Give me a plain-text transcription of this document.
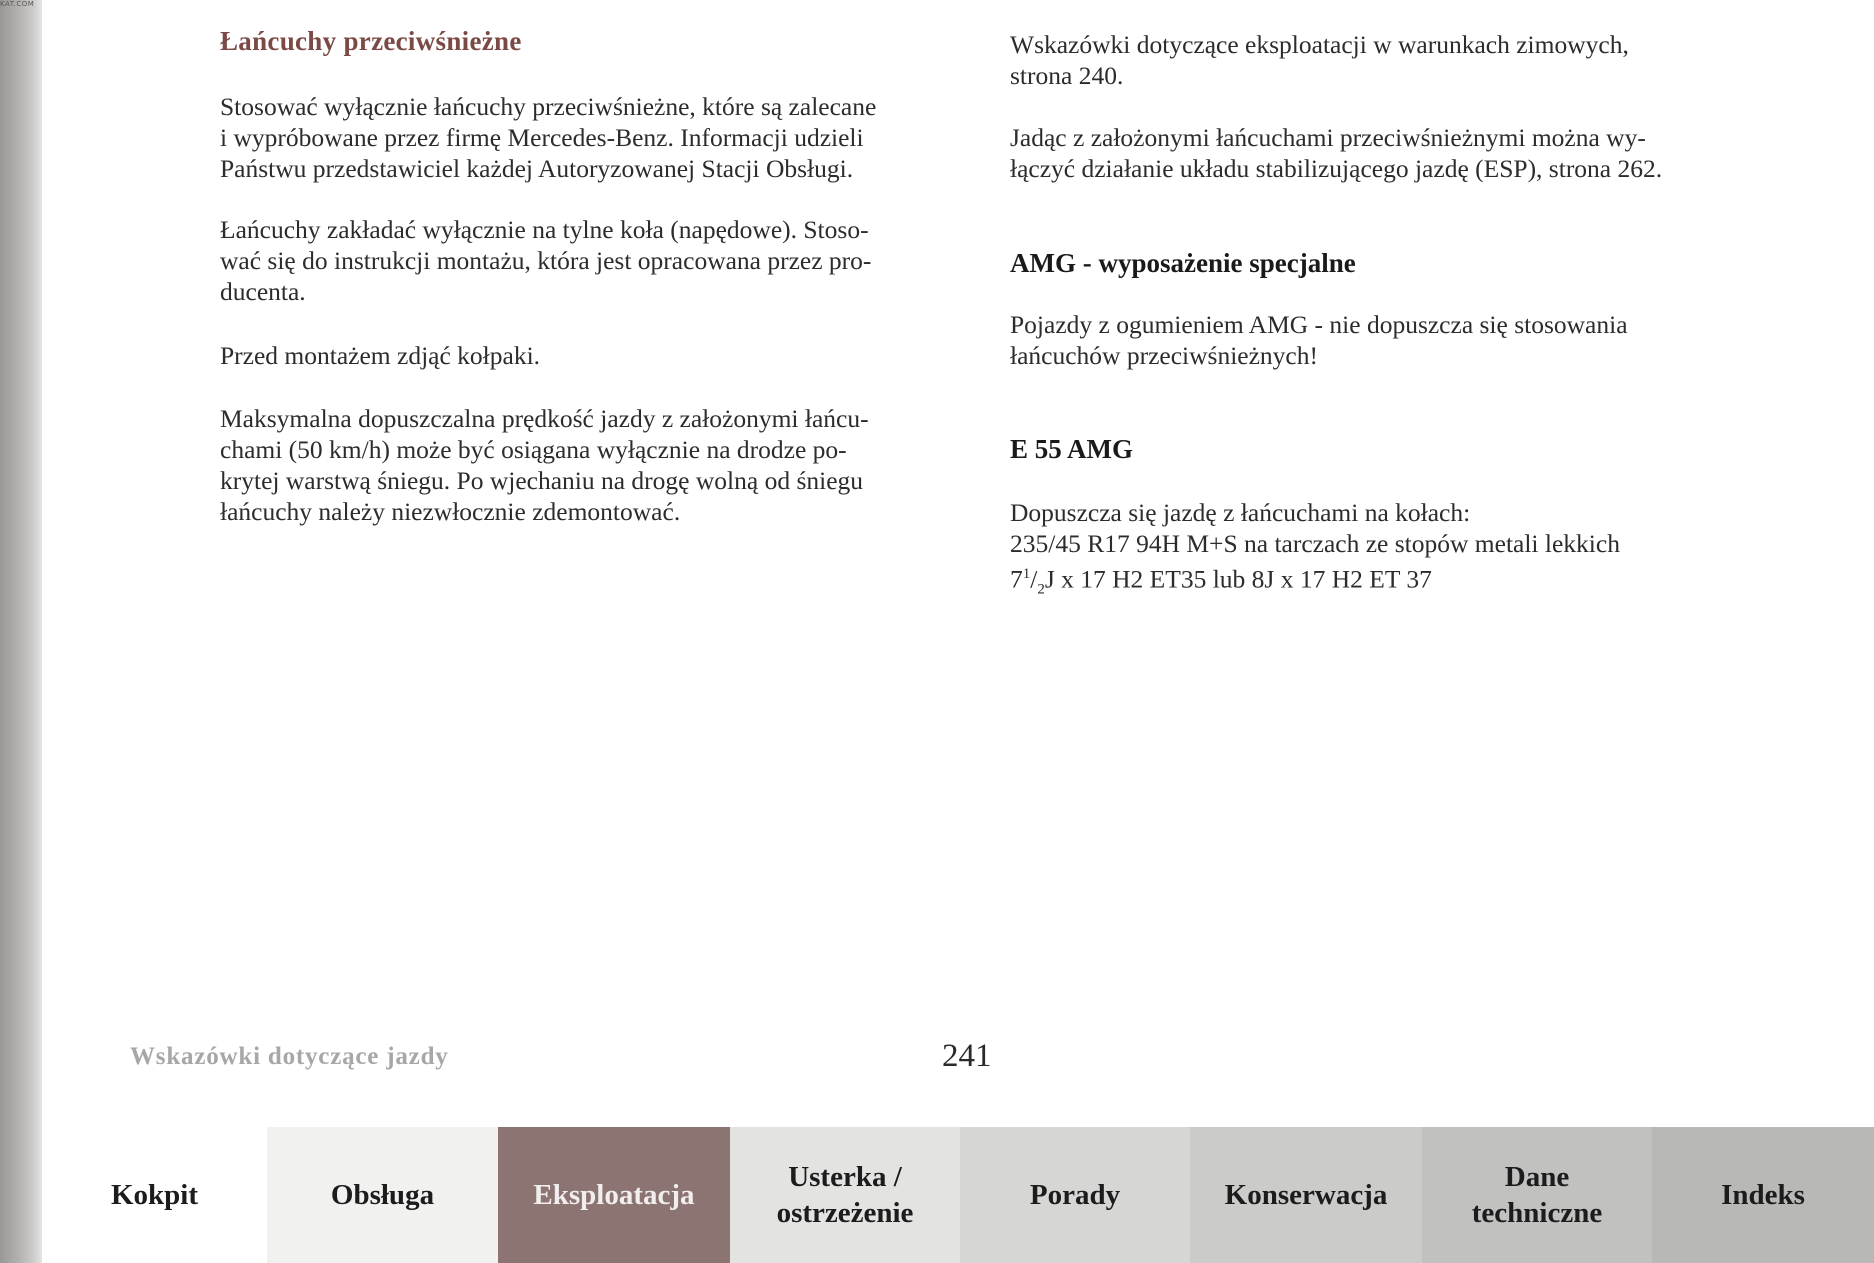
KAT.COM
Łańcuchy przeciwśnieżne

Stosować wyłącznie łańcuchy przeciwśnieżne, które są zalecane
i wypróbowane przez firmę Mercedes-Benz. Informacji udzieli
Państwu przedstawiciel każdej Autoryzowanej Stacji Obsługi.

Łańcuchy zakładać wyłącznie na tylne koła (napędowe). Stoso-
wać się do instrukcji montażu, która jest opracowana przez pro-
ducenta.

Przed montażem zdjąć kołpaki.

Maksymalna dopuszczalna prędkość jazdy z założonymi łańcu-
chami (50 km/h) może być osiągana wyłącznie na drodze po-
krytej warstwą śniegu. Po wjechaniu na drogę wolną od śniegu
łańcuchy należy niezwłocznie zdemontować.

Wskazówki dotyczące eksploatacji w warunkach zimowych,
strona 240.

Jadąc z założonymi łańcuchami przeciwśnieżnymi można wy-
łączyć działanie układu stabilizującego jazdę (ESP), strona 262.

AMG - wyposażenie specjalne

Pojazdy z ogumieniem AMG - nie dopuszcza się stosowania
łańcuchów przeciwśnieżnych!

E 55 AMG

Dopuszcza się jazdę z łańcuchami na kołach:
235/45 R17 94H M+S na tarczach ze stopów metali lekkich
$7^1/_2J$ x 17 H2 ET35 lub 8J x 17 H2 ET 37

Wskazówki dotyczące jazdy	241
Kokpit	Obsługa	Eksploatacja
Usterka / ostrzeżenie
Porady	Konserwacja
Dane techniczne
Indeks
